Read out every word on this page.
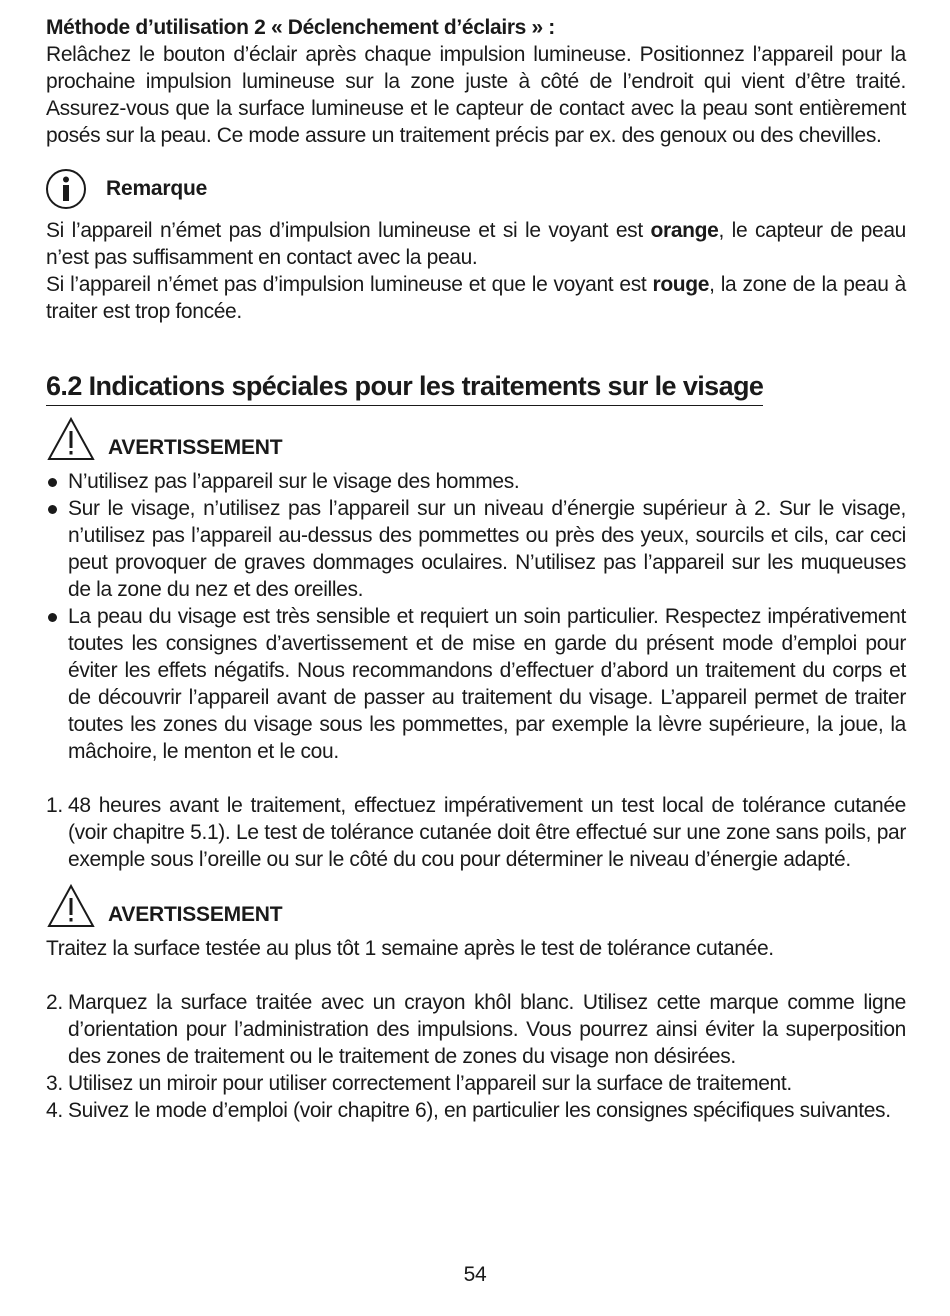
Méthode d’utilisation 2 « Déclenchement d’éclairs » :

Relâchez le bouton d’éclair après chaque impulsion lumineuse. Positionnez l’appareil pour la prochaine impulsion lumineuse sur la zone juste à côté de l’endroit qui vient d’être traité. Assurez-vous que la surface lumineuse et le capteur de contact avec la peau sont entièrement posés sur la peau. Ce mode assure un traitement précis par ex. des genoux ou des chevilles.

Remarque

Si l’appareil n’émet pas d’impulsion lumineuse et si le voyant est orange, le capteur de peau n’est pas suffisamment en contact avec la peau.

Si l’appareil n’émet pas d’impulsion lumineuse et que le voyant est rouge, la zone de la peau à traiter est trop foncée.

6.2 Indications spéciales pour les traitements sur le visage
AVERTISSEMENT
N’utilisez pas l’appareil sur le visage des hommes.
Sur le visage, n’utilisez pas l’appareil sur un niveau d’énergie supérieur à 2. Sur le visage, n’utilisez pas l’appareil au-dessus des pommettes ou près des yeux, sourcils et cils, car ceci peut provoquer de graves dommages oculaires. N’utilisez pas l’appareil sur les muqueuses de la zone du nez et des oreilles.
La peau du visage est très sensible et requiert un soin particulier. Respectez impérativement toutes les consignes d’avertissement et de mise en garde du présent mode d’emploi pour éviter les effets négatifs. Nous recommandons d’effectuer d’abord un traitement du corps et de découvrir l’appareil avant de passer au traitement du visage. L’appareil permet de traiter toutes les zones du visage sous les pommettes, par exemple la lèvre supérieure, la joue, la mâchoire, le menton et le cou.
1. 48 heures avant le traitement, effectuez impérativement un test local de tolérance cutanée (voir chapitre 5.1). Le test de tolérance cutanée doit être effectué sur une zone sans poils, par exemple sous l’oreille ou sur le côté du cou pour déterminer le niveau d’énergie adapté.
AVERTISSEMENT

Traitez la surface testée au plus tôt 1 semaine après le test de tolérance cutanée.

2. Marquez la surface traitée avec un crayon khôl blanc. Utilisez cette marque comme ligne d’orientation pour l’administration des impulsions. Vous pourrez ainsi éviter la superposition des zones de traitement ou le traitement de zones du visage non désirées.
3. Utilisez un miroir pour utiliser correctement l’appareil sur la surface de traitement.
4. Suivez le mode d’emploi (voir chapitre 6), en particulier les consignes spécifiques suivantes.
54
